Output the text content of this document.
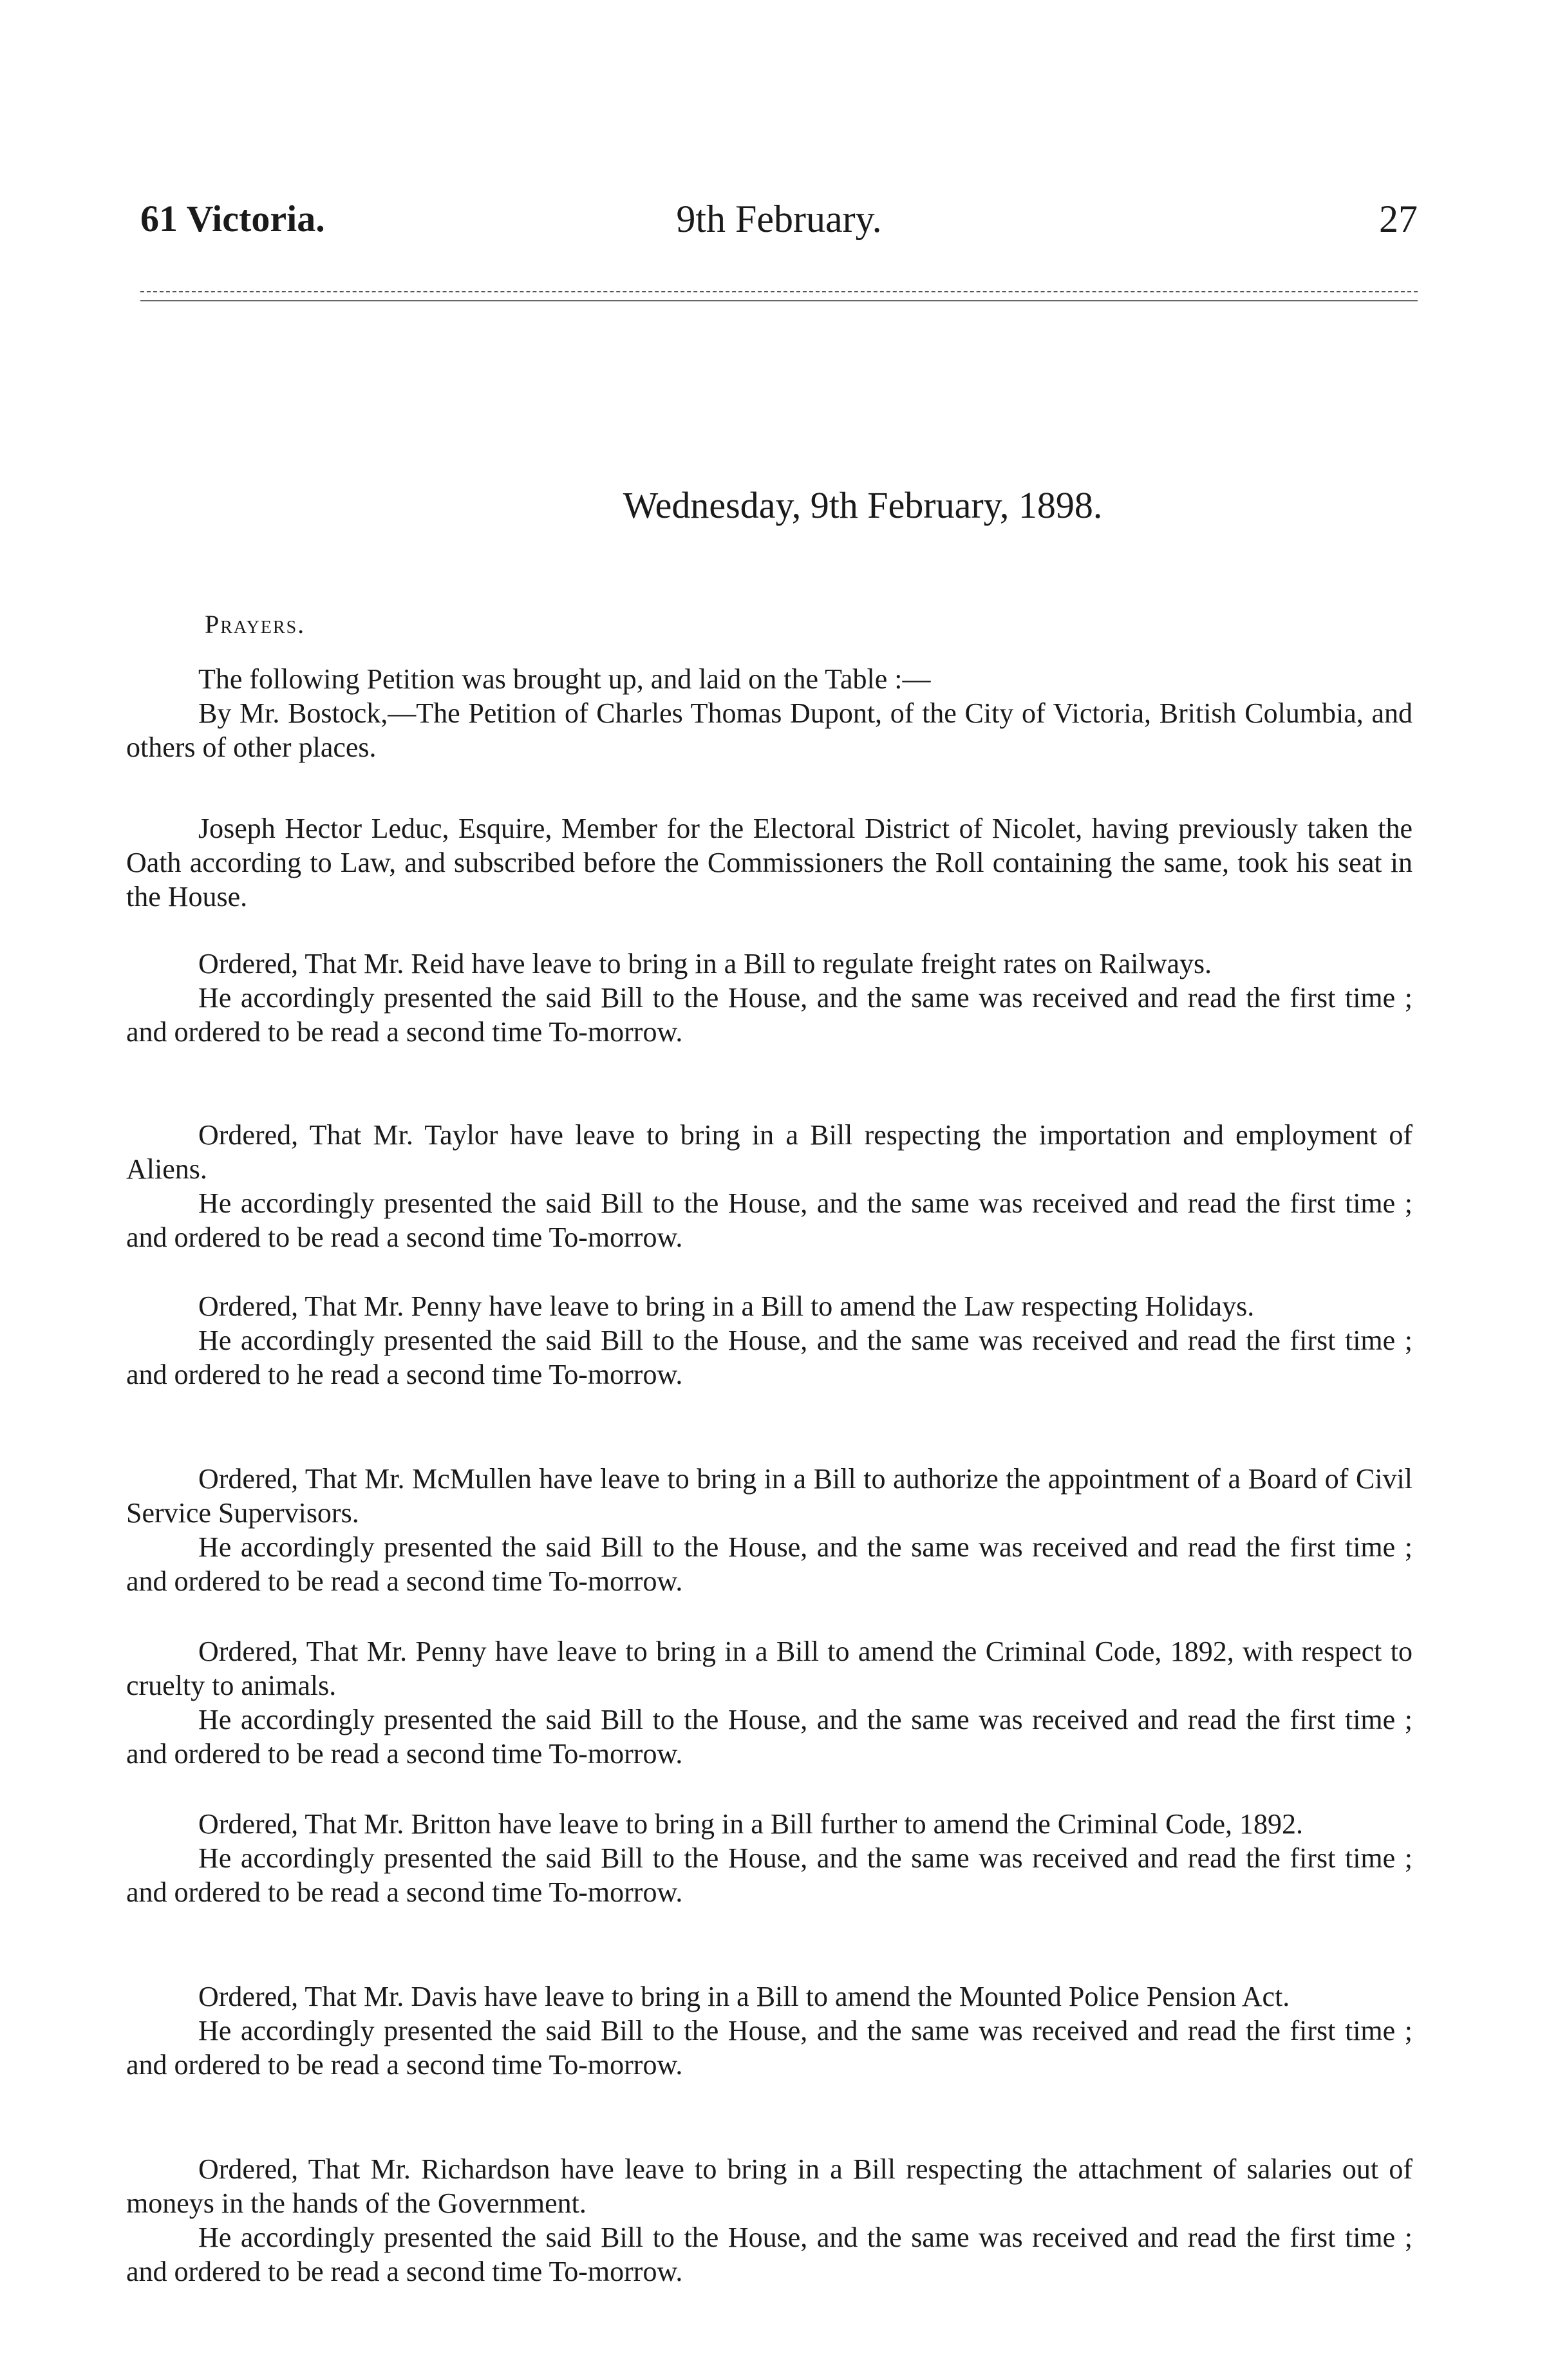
61 Victoria.	9th February.	27
Wednesday, 9th February, 1898.
Prayers.

The following Petition was brought up, and laid on the Table :—

By Mr. Bostock,—The Petition of Charles Thomas Dupont, of the City of Victoria, British Columbia, and others of other places.

Joseph Hector Leduc, Esquire, Member for the Electoral District of Nicolet, having previously taken the Oath according to Law, and subscribed before the Commissioners the Roll containing the same, took his seat in the House.

Ordered, That Mr. Reid have leave to bring in a Bill to regulate freight rates on Railways.

He accordingly presented the said Bill to the House, and the same was received and read the first time ; and ordered to be read a second time To-morrow.

Ordered, That Mr. Taylor have leave to bring in a Bill respecting the importation and employment of Aliens.

He accordingly presented the said Bill to the House, and the same was received and read the first time ; and ordered to be read a second time To-morrow.

Ordered, That Mr. Penny have leave to bring in a Bill to amend the Law respecting Holidays.

He accordingly presented the said Bill to the House, and the same was received and read the first time ; and ordered to he read a second time To-morrow.

Ordered, That Mr. McMullen have leave to bring in a Bill to authorize the appointment of a Board of Civil Service Supervisors.

He accordingly presented the said Bill to the House, and the same was received and read the first time ; and ordered to be read a second time To-morrow.

Ordered, That Mr. Penny have leave to bring in a Bill to amend the Criminal Code, 1892, with respect to cruelty to animals.

He accordingly presented the said Bill to the House, and the same was received and read the first time ; and ordered to be read a second time To-morrow.

Ordered, That Mr. Britton have leave to bring in a Bill further to amend the Criminal Code, 1892.

He accordingly presented the said Bill to the House, and the same was received and read the first time ; and ordered to be read a second time To-morrow.

Ordered, That Mr. Davis have leave to bring in a Bill to amend the Mounted Police Pension Act.

He accordingly presented the said Bill to the House, and the same was received and read the first time ; and ordered to be read a second time To-morrow.

Ordered, That Mr. Richardson have leave to bring in a Bill respecting the attachment of salaries out of moneys in the hands of the Government.

He accordingly presented the said Bill to the House, and the same was received and read the first time ; and ordered to be read a second time To-morrow.
